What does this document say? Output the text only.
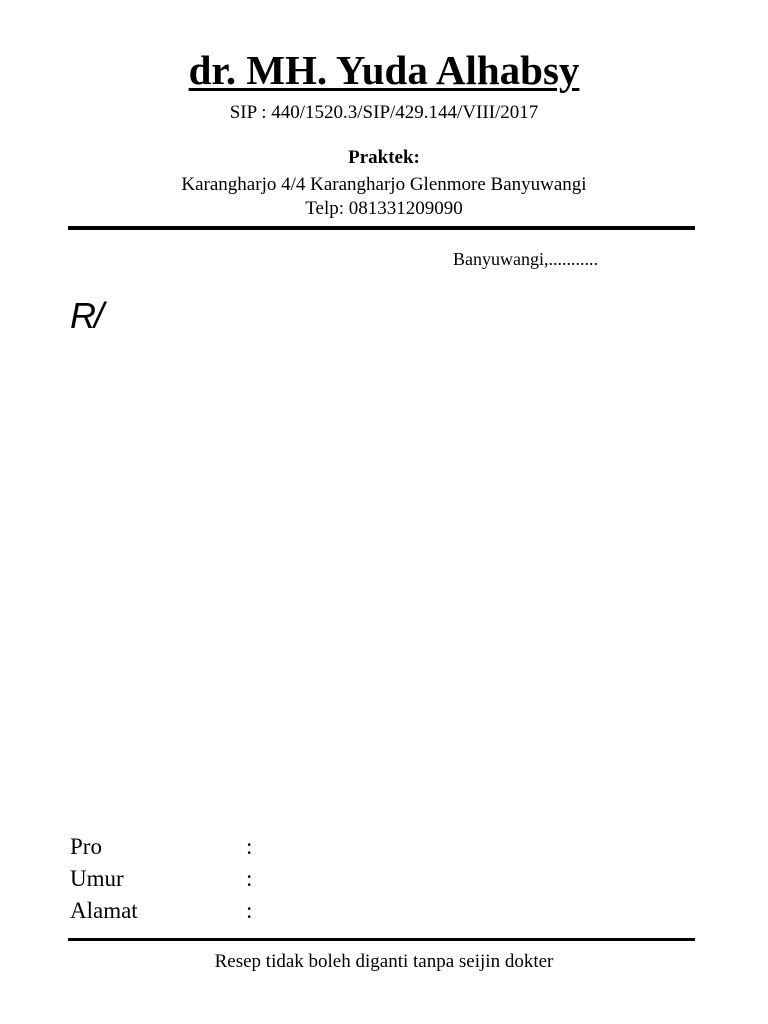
dr. MH. Yuda Alhabsy
SIP : 440/1520.3/SIP/429.144/VIII/2017
Praktek:
Karangharjo 4/4 Karangharjo Glenmore Banyuwangi
Telp: 081331209090
Banyuwangi,...........
R/
Pro	:
Umur	:
Alamat	:
Resep tidak boleh diganti tanpa seijin dokter
